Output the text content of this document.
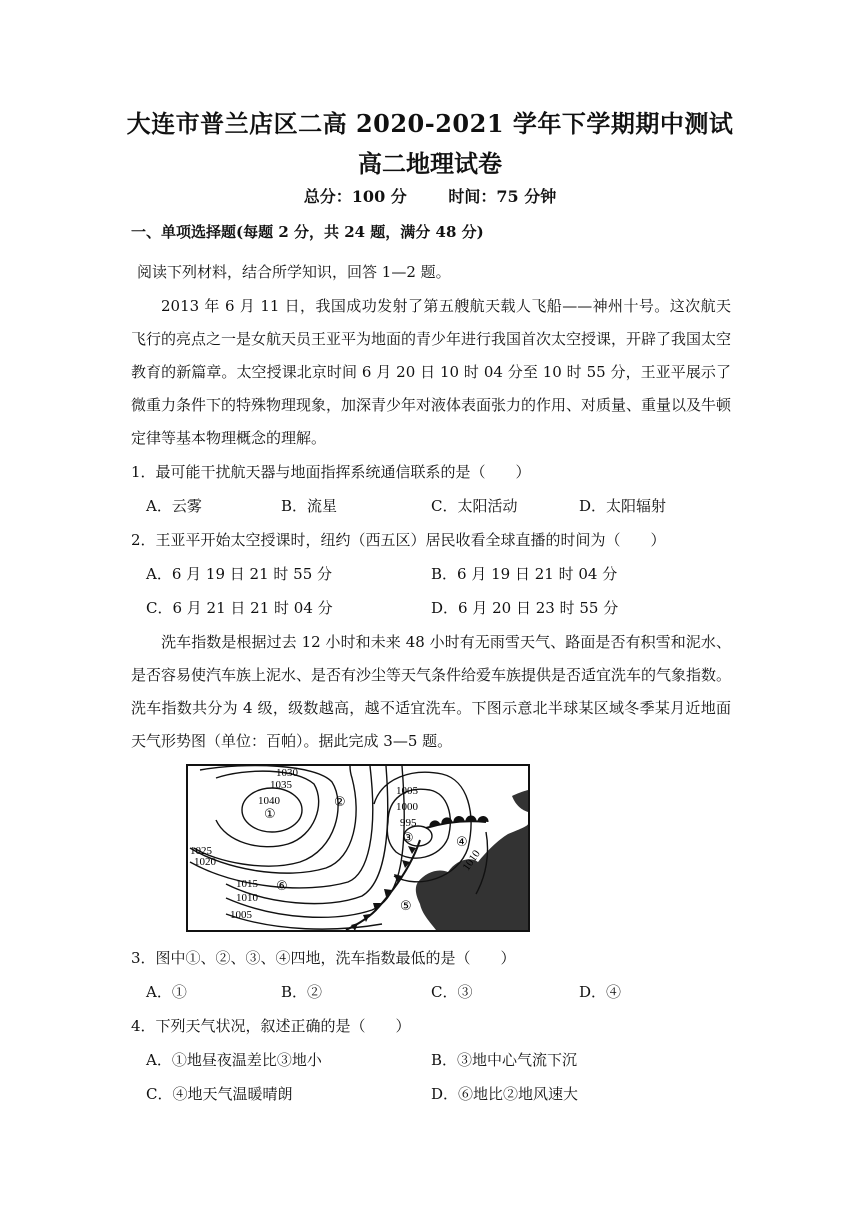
大连市普兰店区二高 2020-2021 学年下学期期中测试
高二地理试卷
总分：100 分	时间：75 分钟
一、单项选择题(每题 2 分，共 24 题，满分 48 分)
阅读下列材料，结合所学知识，回答 1—2 题。
2013 年 6 月 11 日，我国成功发射了第五艘航天载人飞船——神州十号。这次航天飞行的亮点之一是女航天员王亚平为地面的青少年进行我国首次太空授课，开辟了我国太空教育的新篇章。太空授课北京时间 6 月 20 日 10 时 04 分至 10 时 55 分，王亚平展示了微重力条件下的特殊物理现象，加深青少年对液体表面张力的作用、对质量、重量以及牛顿定律等基本物理概念的理解。
1．最可能干扰航天器与地面指挥系统通信联系的是（　　）
A．云雾	B．流星	C．太阳活动	D．太阳辐射
2．王亚平开始太空授课时，纽约（西五区）居民收看全球直播的时间为（　　）
A．6 月 19 日 21 时 55 分	B．6 月 19 日 21 时 04 分
C．6 月 21 日 21 时 04 分	D．6 月 20 日 23 时 55 分
洗车指数是根据过去 12 小时和未来 48 小时有无雨雪天气、路面是否有积雪和泥水、是否容易使汽车族上泥水、是否有沙尘等天气条件给爱车族提供是否适宜洗车的气象指数。洗车指数共分为 4 级，级数越高，越不适宜洗车。下图示意北半球某区域冬季某月近地面天气形势图（单位：百帕）。据此完成 3—5 题。
1030
1035
1040
1025
1020
1015
1010
1005
1005
1000
995
1010
①
②
③	④
⑤
⑥
3．图中①、②、③、④四地，洗车指数最低的是（　　）
A．①	B．②	C．③	D．④
4．下列天气状况，叙述正确的是（　　）
A．①地昼夜温差比③地小	B．③地中心气流下沉
C．④地天气温暖晴朗	D．⑥地比②地风速大
